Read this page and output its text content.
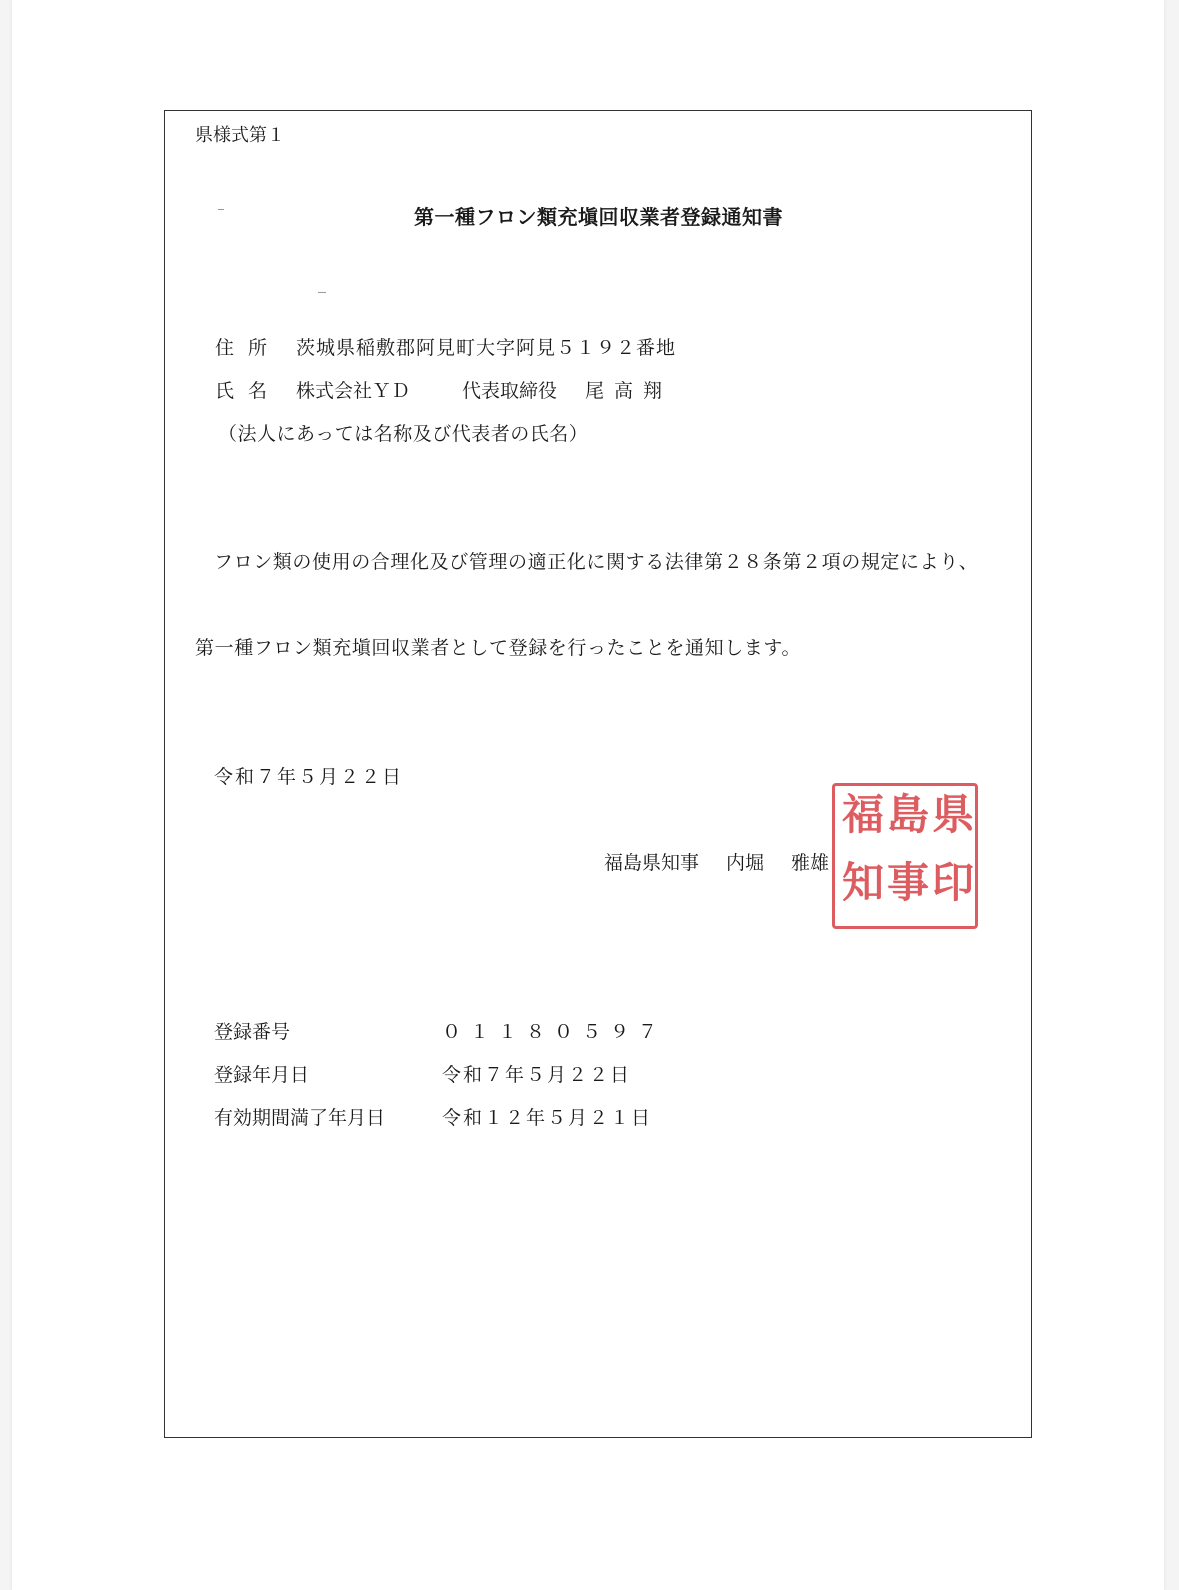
県様式第１
第一種フロン類充塡回収業者登録通知書
住所 茨城県稲敷郡阿見町大字阿見５１９２番地
氏名 株式会社ＹＤ	代表取締役 尾高翔
（法人にあっては名称及び代表者の氏名）
フロン類の使用の合理化及び管理の適正化に関する法律第２８条第２項の規定により、
第一種フロン類充塡回収業者として登録を行ったことを通知します。
令和７年５月２２日
福島県知事 内堀 雅雄
県
印
島
事
福
知
登録番号	０１１８０５９７
登録年月日	令和７年５月２２日
有効期間満了年月日	令和１２年５月２１日
